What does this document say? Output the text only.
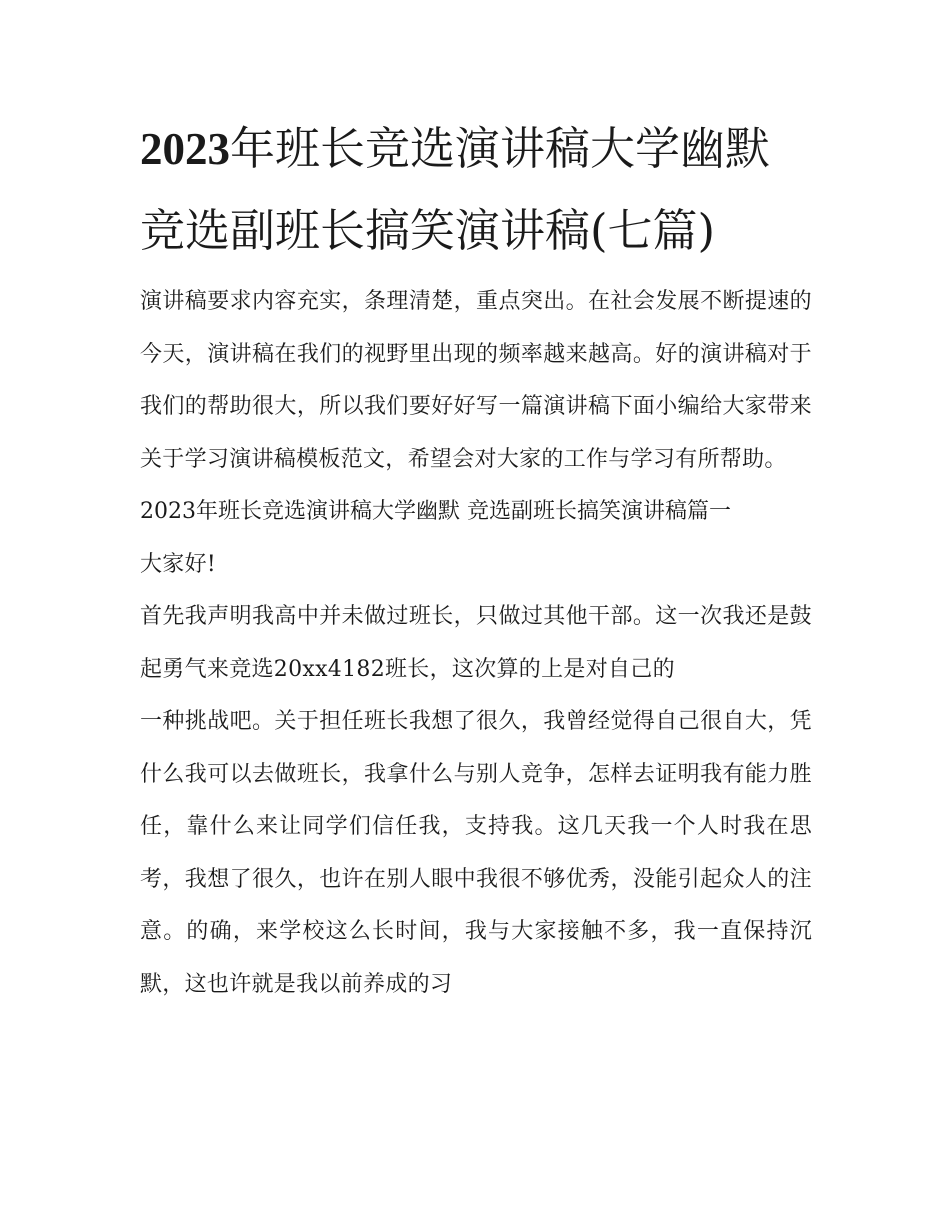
2023年班长竞选演讲稿大学幽默 竞选副班长搞笑演讲稿(七篇)

演讲稿要求内容充实，条理清楚，重点突出。在社会发展不断提速的今天，演讲稿在我们的视野里出现的频率越来越高。好的演讲稿对于我们的帮助很大，所以我们要好好写一篇演讲稿下面小编给大家带来关于学习演讲稿模板范文，希望会对大家的工作与学习有所帮助。

2023年班长竞选演讲稿大学幽默 竞选副班长搞笑演讲稿篇一

大家好!

首先我声明我高中并未做过班长，只做过其他干部。这一次我还是鼓起勇气来竞选20xx4182班长，这次算的上是对自己的

一种挑战吧。关于担任班长我想了很久，我曾经觉得自己很自大，凭什么我可以去做班长，我拿什么与别人竞争，怎样去证明我有能力胜任，靠什么来让同学们信任我，支持我。这几天我一个人时我在思考，我想了很久，也许在别人眼中我很不够优秀，没能引起众人的注意。的确，来学校这么长时间，我与大家接触不多，我一直保持沉默，这也许就是我以前养成的习
